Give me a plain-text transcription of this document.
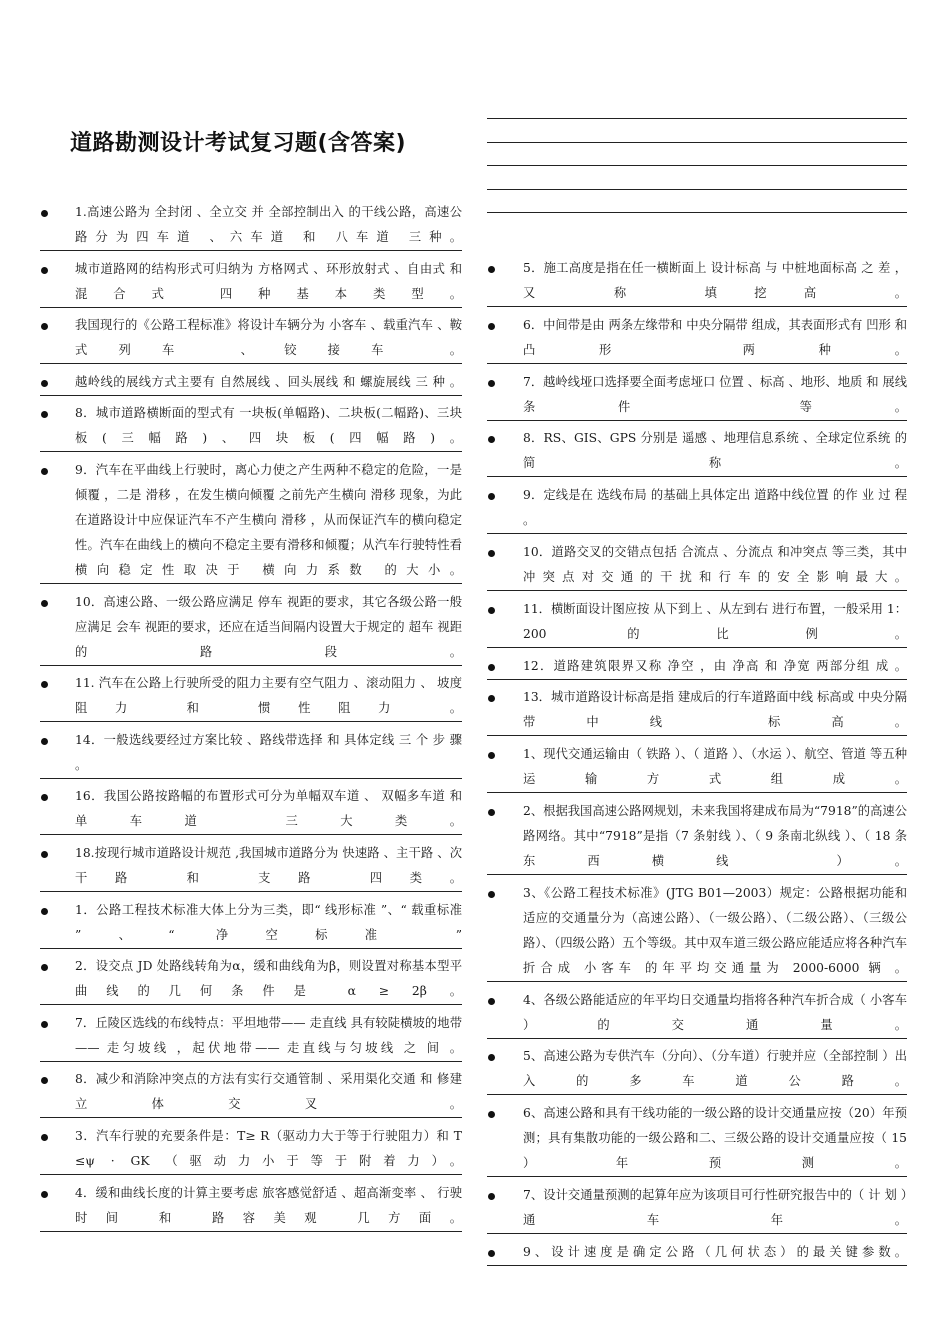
道路勘测设计考试复习题(含答案)
1.高速公路为 全封闭 、全立交 并 全部控制出入 的干线公路，高速公路分为四车道 、六车道 和 八车道 三种。
城市道路网的结构形式可归纳为 方格网式 、环形放射式 、自由式 和 混合式 四种基本类型。
我国现行的《公路工程标准》将设计车辆分为 小客车 、载重汽车 、鞍式列车 、铰接车 。
越岭线的展线方式主要有 自然展线 、回头展线 和 螺旋展线 三 种 。
8．城市道路横断面的型式有 一块板(单幅路)、二块板(二幅路)、三块板(三幅路)、四块板(四幅路)。
9．汽车在平曲线上行驶时，离心力使之产生两种不稳定的危险，一是 倾覆 ，二是 滑移 ，在发生横向倾覆 之前先产生横向 滑移 现象，为此在道路设计中应保证汽车不产生横向 滑移 ，从而保证汽车的横向稳定性。汽车在曲线上的横向不稳定主要有滑移和倾覆；从汽车行驶特性看横向稳定性取决于 横向力系数 的大小。
10．高速公路、一级公路应满足 停车 视距的要求，其它各级公路一般应满足 会车 视距的要求，还应在适当间隔内设置大于规定的 超车 视距的路段。
11. 汽车在公路上行驶所受的阻力主要有空气阻力 、滚动阻力 、 坡度阻力 和 惯性阻力 。
14．一般选线要经过方案比较 、路线带选择 和 具体定线 三 个 步 骤 。
16．我国公路按路幅的布置形式可分为单幅双车道 、 双幅多车道 和 单车道 三大类。
18.按现行城市道路设计规范 ,我国城市道路分为 快速路 、主干路 、次干路 和 支路 四类。
1．公路工程技术标准大体上分为三类，即“ 线形标准 ”、“ 载重标准 ”、“ 净空标准 ”
2．设交点 JD 处路线转角为α，缓和曲线角为β，则设置对称基本型平曲线的几何条件是 α ≥ 2β 。
7．丘陵区选线的布线特点：平坦地带—— 走直线 具有较陡横坡的地带—— 走匀坡线 ，起伏地带—— 走直线与匀坡线 之 间 。
8．减少和消除冲突点的方法有实行交通管制 、采用渠化交通 和 修建立体交叉 。
3．汽车行驶的充要条件是：T≥ R（驱动力大于等于行驶阻力）和 T ≤ψ · GK （驱动力小于等于附着力）。
4．缓和曲线长度的计算主要考虑 旅客感觉舒适 、超高渐变率 、 行驶时间 和 路容美观 几方面。
5．施工高度是指在任一横断面上 设计标高 与 中桩地面标高 之 差 ， 又 称 填挖高 。
6．中间带是由 两条左缘带和 中央分隔带 组成，其表面形式有 凹形 和 凸形 两种。
7．越岭线垭口选择要全面考虑垭口 位置 、标高 、地形、地质 和 展线条件 等。
8．RS、GIS、GPS 分别是 遥感 、地理信息系统 、全球定位系统 的简称。
9．定线是在 选线布局 的基础上具体定出 道路中线位置 的作 业 过 程 。
10．道路交叉的交错点包括 合流点 、分流点 和冲突点 等三类，其中 冲突点对交通的干扰和行车的安全影响最大。
11．横断面设计图应按 从下到上 、从左到右 进行布置，一般采用 1：200 的比例。
12．道路建筑限界又称 净空 ，由 净高 和 净宽 两部分组 成 。
13．城市道路设计标高是指 建成后的行车道路面中线 标高或 中央分隔带中线 标高。
1、现代交通运输由（ 铁路 ）、（ 道路 ）、（水运 ）、航空、管道 等五种运输方式组成。
2、根据我国高速公路网规划，未来我国将建成布局为“7918”的高速公路网络。其中“7918”是指（7 条射线 ）、（ 9 条南北纵线 ）、（ 18 条东西横线 ）。
3、《公路工程技术标准》(JTG B01—2003）规定：公路根据功能和适应的交通量分为（高速公路）、（一级公路）、（二级公路）、（三级公路）、（四级公路）五个等级。其中双车道三级公路应能适应将各种汽车折合成 小客车 的年平均交通量为 2000-6000 辆 。
4、各级公路能适应的年平均日交通量均指将各种汽车折合成（ 小客车 ）的交通量。
5、高速公路为专供汽车（分向）、（分车道）行驶并应（全部控制 ）出入的多车道公路。
6、高速公路和具有干线功能的一级公路的设计交通量应按（20）年预测；具有集散功能的一级公路和二、三级公路的设计交通量应按（ 15 ）年预测。
7、设计交通量预测的起算年应为该项目可行性研究报告中的（ 计 划 ）通车年。
9、设计速度是确定公路（几何状态）的最关键参数。
